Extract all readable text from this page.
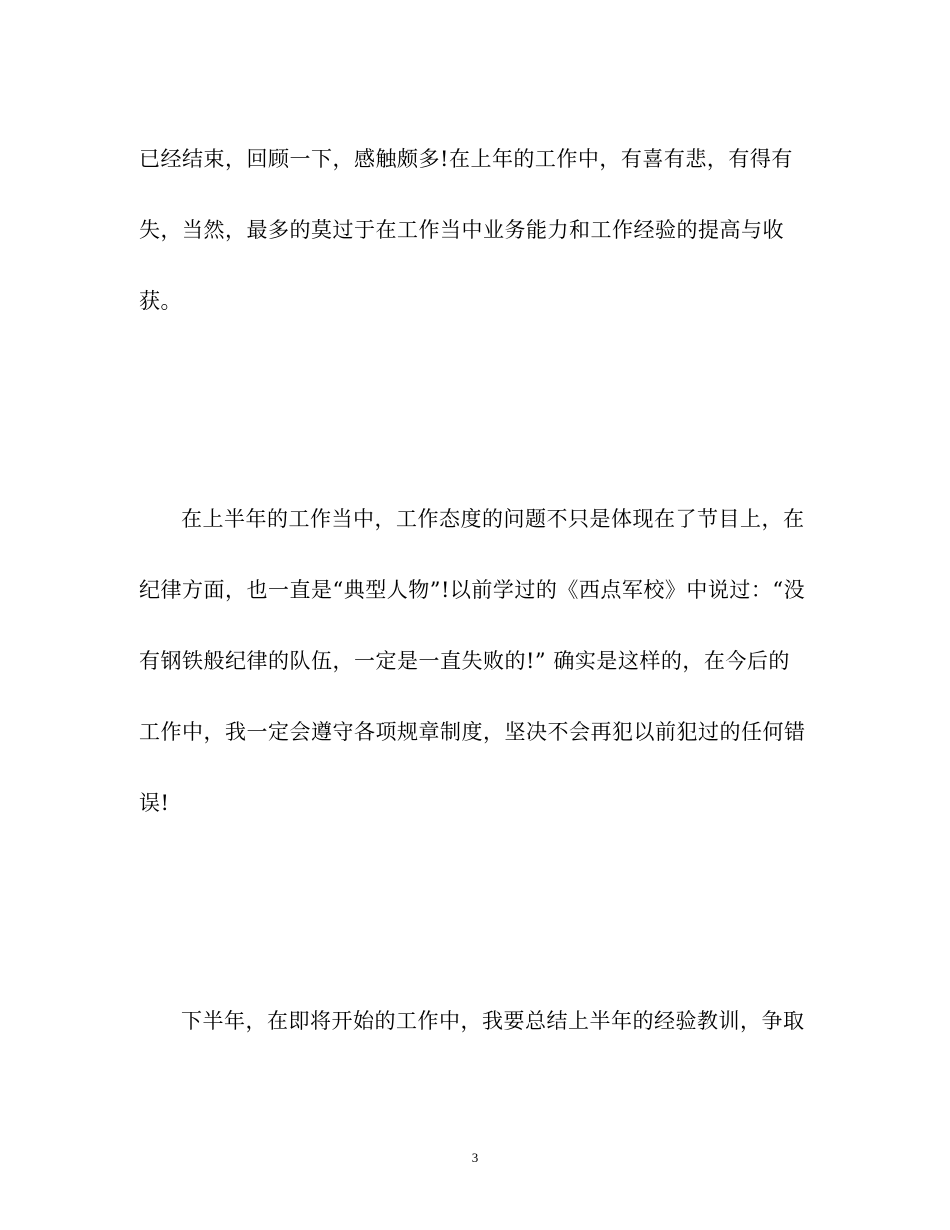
已经结束，回顾一下，感触颇多!在上年的工作中，有喜有悲，有得有
失，当然，最多的莫过于在工作当中业务能力和工作经验的提高与收
获。
在上半年的工作当中，工作态度的问题不只是体现在了节目上，在
纪律方面，也一直是“典型人物”!以前学过的《西点军校》中说过：“没
有钢铁般纪律的队伍，一定是一直失败的!” 确实是这样的，在今后的
工作中，我一定会遵守各项规章制度，坚决不会再犯以前犯过的任何错
误!
下半年，在即将开始的工作中，我要总结上半年的经验教训，争取
3
